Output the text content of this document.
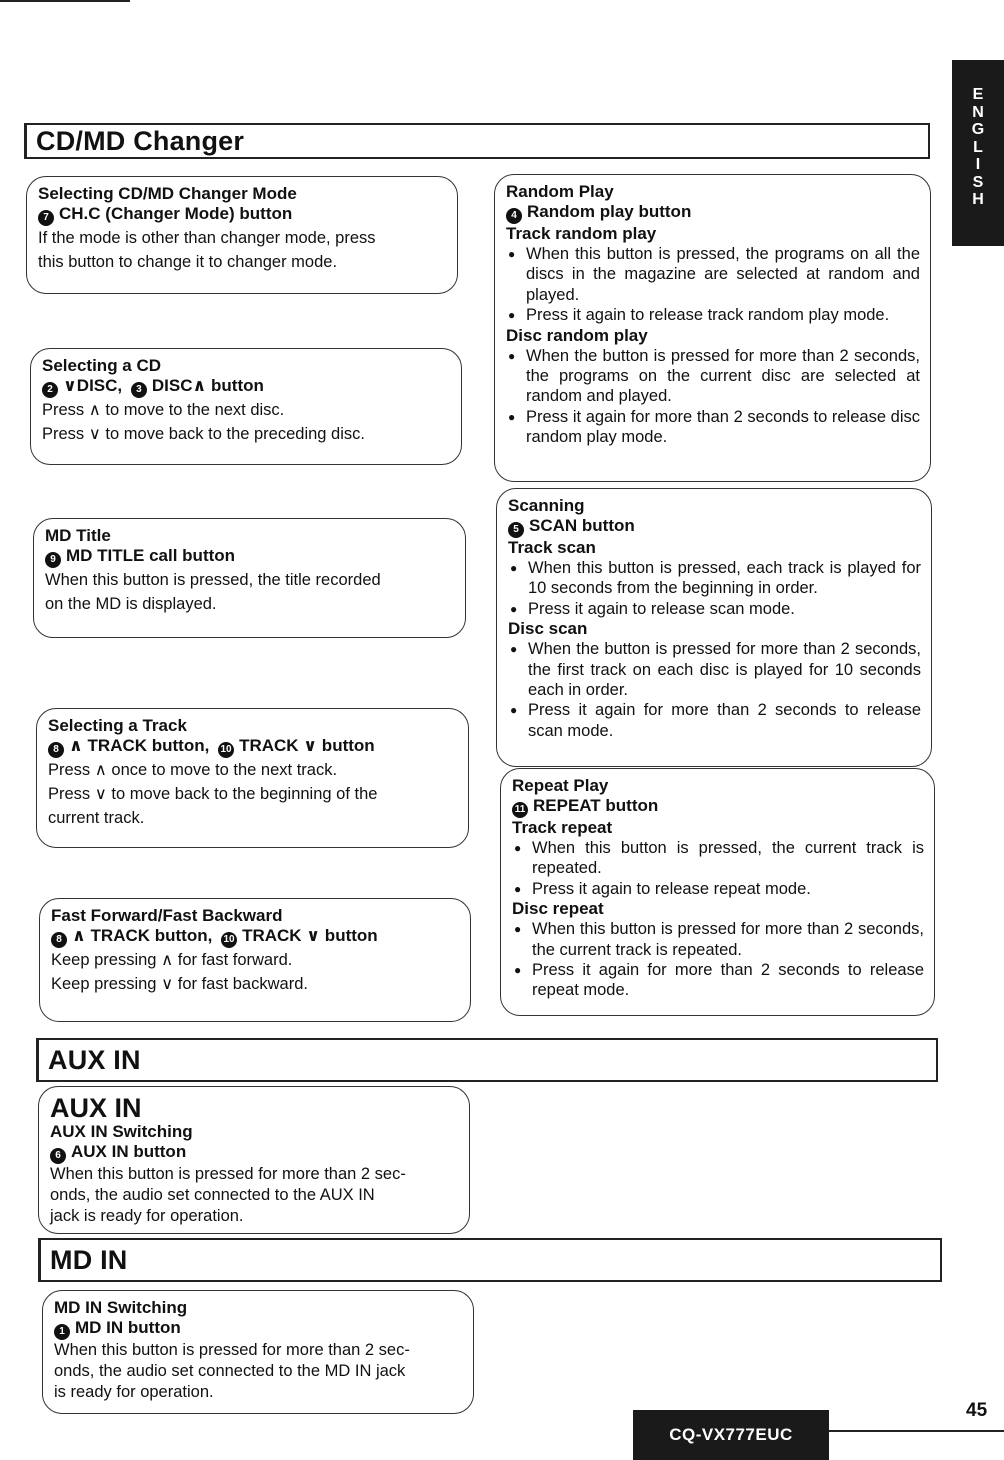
E
N
G
L
I
S
H
CD/MD Changer
Selecting CD/MD Changer Mode
7 CH.C (Changer Mode) button

If the mode is other than changer mode, press

this button to change it to changer mode.

Selecting a CD
2 ∨DISC, 3 DISC∧ button

Press ∧ to move to the next disc.

Press ∨ to move back to the preceding disc.

MD Title
9 MD TITLE call button

When this button is pressed, the title recorded

on the MD is displayed.

Selecting a Track
8 ∧ TRACK button, 10 TRACK ∨ button

Press ∧ once to move to the next track.

Press ∨ to move back to the beginning of the

current track.

Fast Forward/Fast Backward
8 ∧ TRACK button, 10 TRACK ∨ button

Keep pressing ∧ for fast forward.

Keep pressing ∨ for fast backward.

Random Play
4 Random play button
Track random play
● When this button is pressed, the programs on all the discs in the magazine are selected at random and played.
● Press it again to release track random play mode.
Disc random play
● When the button is pressed for more than 2 seconds, the programs on the current disc are selected at random and played.
● Press it again for more than 2 seconds to release disc random play mode.
Scanning
5 SCAN button
Track scan
● When this button is pressed, each track is played for 10 seconds from the beginning in order.
● Press it again to release scan mode.
Disc scan
● When the button is pressed for more than 2 seconds, the first track on each disc is played for 10 seconds each in order.
● Press it again for more than 2 seconds to release scan mode.
Repeat Play
11 REPEAT button
Track repeat
● When this button is pressed, the current track is repeated.
● Press it again to release repeat mode.
Disc repeat
● When this button is pressed for more than 2 seconds, the current track is repeated.
● Press it again for more than 2 seconds to release repeat mode.
AUX IN
AUX IN
AUX IN Switching
6 AUX IN button
When this button is pressed for more than 2 sec-
onds, the audio set connected to the AUX IN
jack is ready for operation.
MD IN
MD IN Switching
1 MD IN button
When this button is pressed for more than 2 sec-
onds, the audio set connected to the MD IN jack
is ready for operation.
CQ-VX777EUC
45
